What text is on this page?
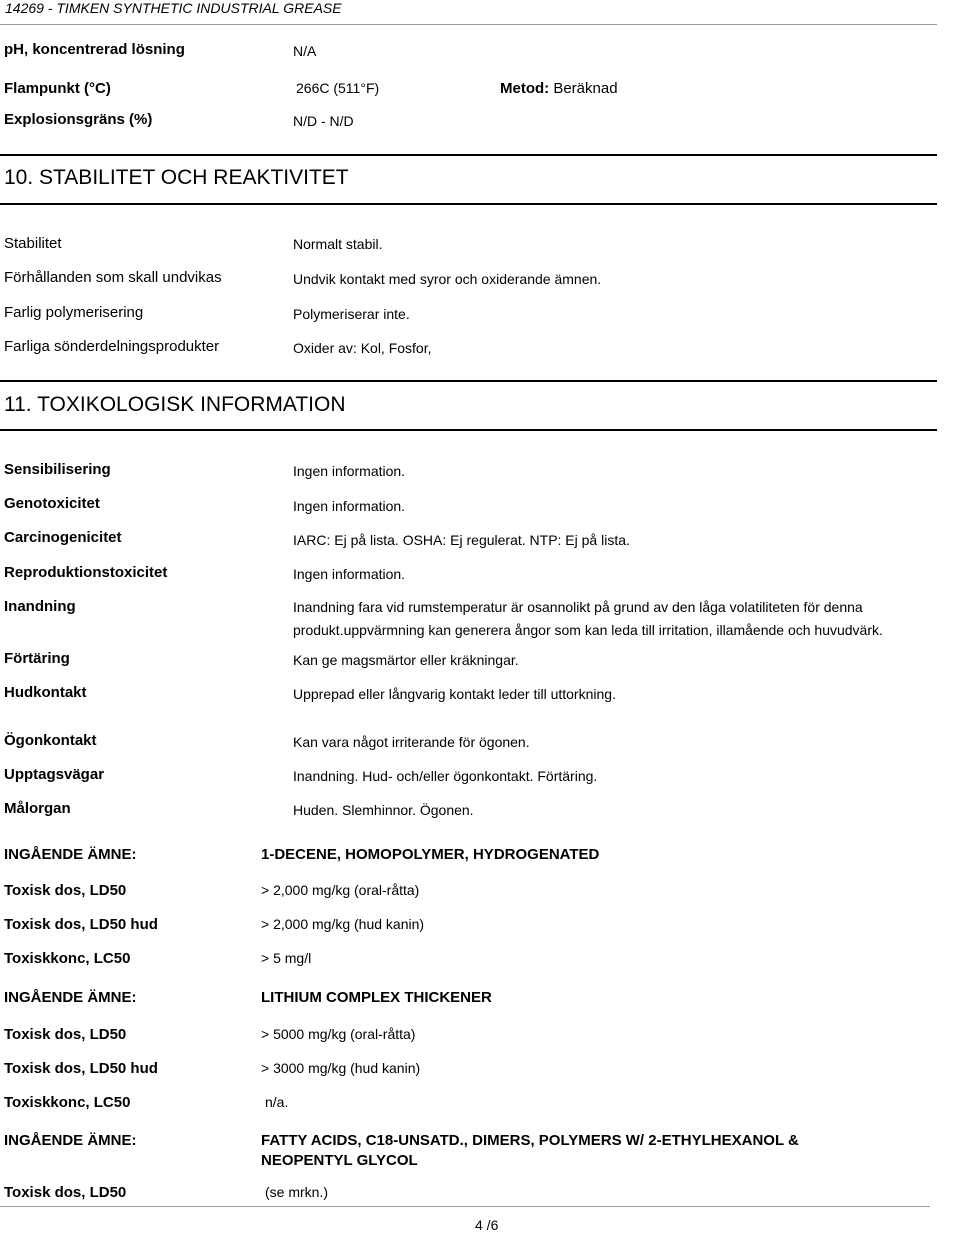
14269 - TIMKEN SYNTHETIC INDUSTRIAL GREASE
pH, koncentrerad lösning	N/A
Flampunkt (°C)	266C (511°F)	Metod: Beräknad
Explosionsgräns (%)	N/D - N/D
10. STABILITET OCH REAKTIVITET
Stabilitet	Normalt stabil.
Förhållanden som skall undvikas	Undvik kontakt med syror och oxiderande ämnen.
Farlig polymerisering	Polymeriserar inte.
Farliga sönderdelningsprodukter	Oxider av: Kol, Fosfor,
11. TOXIKOLOGISK INFORMATION
Sensibilisering	Ingen information.
Genotoxicitet	Ingen information.
Carcinogenicitet	IARC: Ej på lista. OSHA: Ej regulerat. NTP: Ej på lista.
Reproduktionstoxicitet	Ingen information.
Inandning	Inandning fara vid rumstemperatur är osannolikt på grund av den låga volatiliteten för denna produkt.uppvärmning kan generera ångor som kan leda till irritation, illamående och huvudvärk.
Förtäring	Kan ge magsmärtor eller kräkningar.
Hudkontakt	Upprepad eller långvarig kontakt leder till uttorkning.
Ögonkontakt	Kan vara något irriterande för ögonen.
Upptagsvägar	Inandning. Hud- och/eller ögonkontakt. Förtäring.
Målorgan	Huden. Slemhinnor. Ögonen.
INGÅENDE ÄMNE:	1-DECENE, HOMOPOLYMER, HYDROGENATED
Toxisk dos, LD50	> 2,000 mg/kg (oral-råtta)
Toxisk dos, LD50 hud	> 2,000 mg/kg (hud kanin)
Toxiskkonc, LC50	> 5 mg/l
INGÅENDE ÄMNE:	LITHIUM COMPLEX THICKENER
Toxisk dos, LD50	> 5000 mg/kg (oral-råtta)
Toxisk dos, LD50 hud	> 3000 mg/kg (hud kanin)
Toxiskkonc, LC50	n/a.
INGÅENDE ÄMNE:	FATTY ACIDS, C18-UNSATD., DIMERS, POLYMERS W/ 2-ETHYLHEXANOL &
NEOPENTYL GLYCOL
Toxisk dos, LD50	(se mrkn.)
4 /6
